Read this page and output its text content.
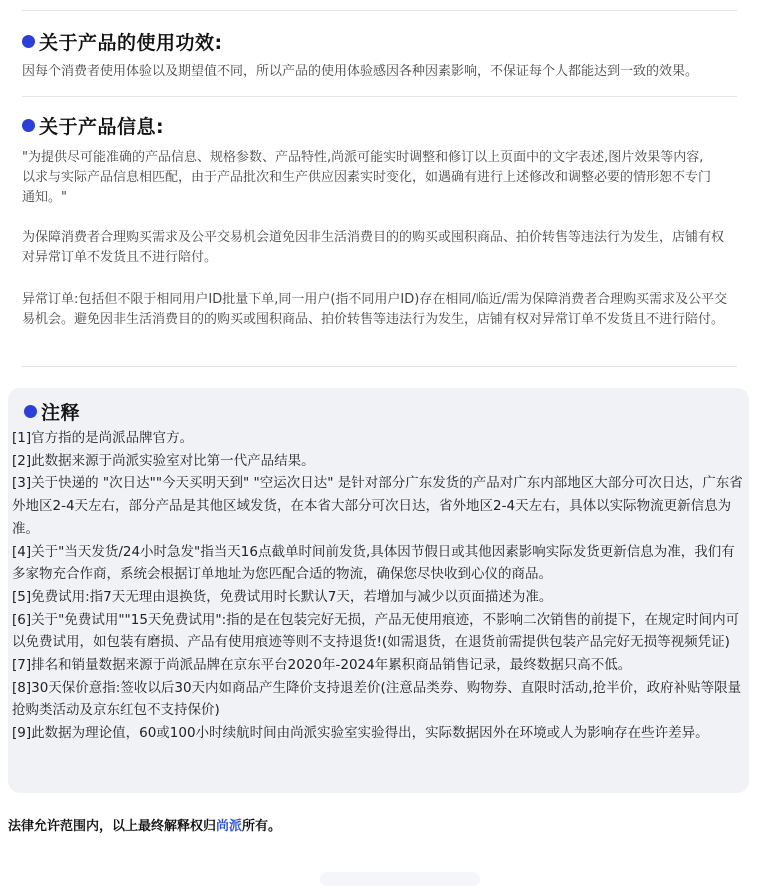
关于产品的使用功效:

因每个消费者使用体验以及期望值不同，所以产品的使用体验感因各种因素影响，不保证每个人都能达到一致的效果。

关于产品信息:

"为提供尽可能准确的产品信息、规格参数、产品特性,尚派可能实时调整和修订以上页面中的文字表述,图片效果等内容,以求与实际产品信息相匹配，由于产品批次和生产供应因素实时变化，如遇确有进行上述修改和调整必要的情形恕不专门通知。"

为保障消费者合理购买需求及公平交易机会道免因非生活消费目的的购买或囤积商品、拍价转售等违法行为发生，店铺有权对异常订单不发货且不进行陪付。

异常订单:包括但不限于相同用户ID批量下单,同一用户(指不同用户ID)存在相同/临近/需为保障消费者合理购买需求及公平交易机会。避免因非生活消费目的的购买或囤积商品、拍价转售等违法行为发生，店铺有权对异常订单不发货且不进行陪付。

注释
[1]官方指的是尚派品牌官方。
[2]此数据来源于尚派实验室对比第一代产品结果。
[3]关于快递的 "次日达""今天买明天到" "空运次日达" 是针对部分广东发货的产品对广东内部地区大部分可次日达，广东省外地区2-4天左右，部分产品是其他区域发货，在本省大部分可次日达，省外地区2-4天左右，具体以实际物流更新信息为准。
[4]关于"当天发货/24小时急发"指当天16点截单时间前发货,具体因节假日或其他因素影响实际发货更新信息为准，我们有多家物充合作商，系统会根据订单地址为您匹配合适的物流，确保您尽快收到心仪的商品。
[5]免费试用:指7天无理由退换货，免费试用时长默认7天，若增加与减少以页面描述为准。
[6]关于"免费试用""15天免费试用":指的是在包装完好无损，产品无使用痕迹，不影响二次销售的前提下，在规定时间内可以免费试用，如包装有磨损、产品有使用痕迹等则不支持退货!(如需退货，在退货前需提供包装产品完好无损等视频凭证)
[7]排名和销量数据来源于尚派品牌在京东平台2020年-2024年累积商品销售记录，最终数据只高不低。
[8]30天保价意指:签收以后30天内如商品产生降价支持退差价(注意品类券、购物券、直限时活动,抢半价，政府补贴等限量抢购类活动及京东红包不支持保价)
[9]此数据为理论值，60或100小时续航时间由尚派实验室实验得出，实际数据因外在环境或人为影响存在些许差异。

法律允许范围内，以上最终解释权归尚派所有。
